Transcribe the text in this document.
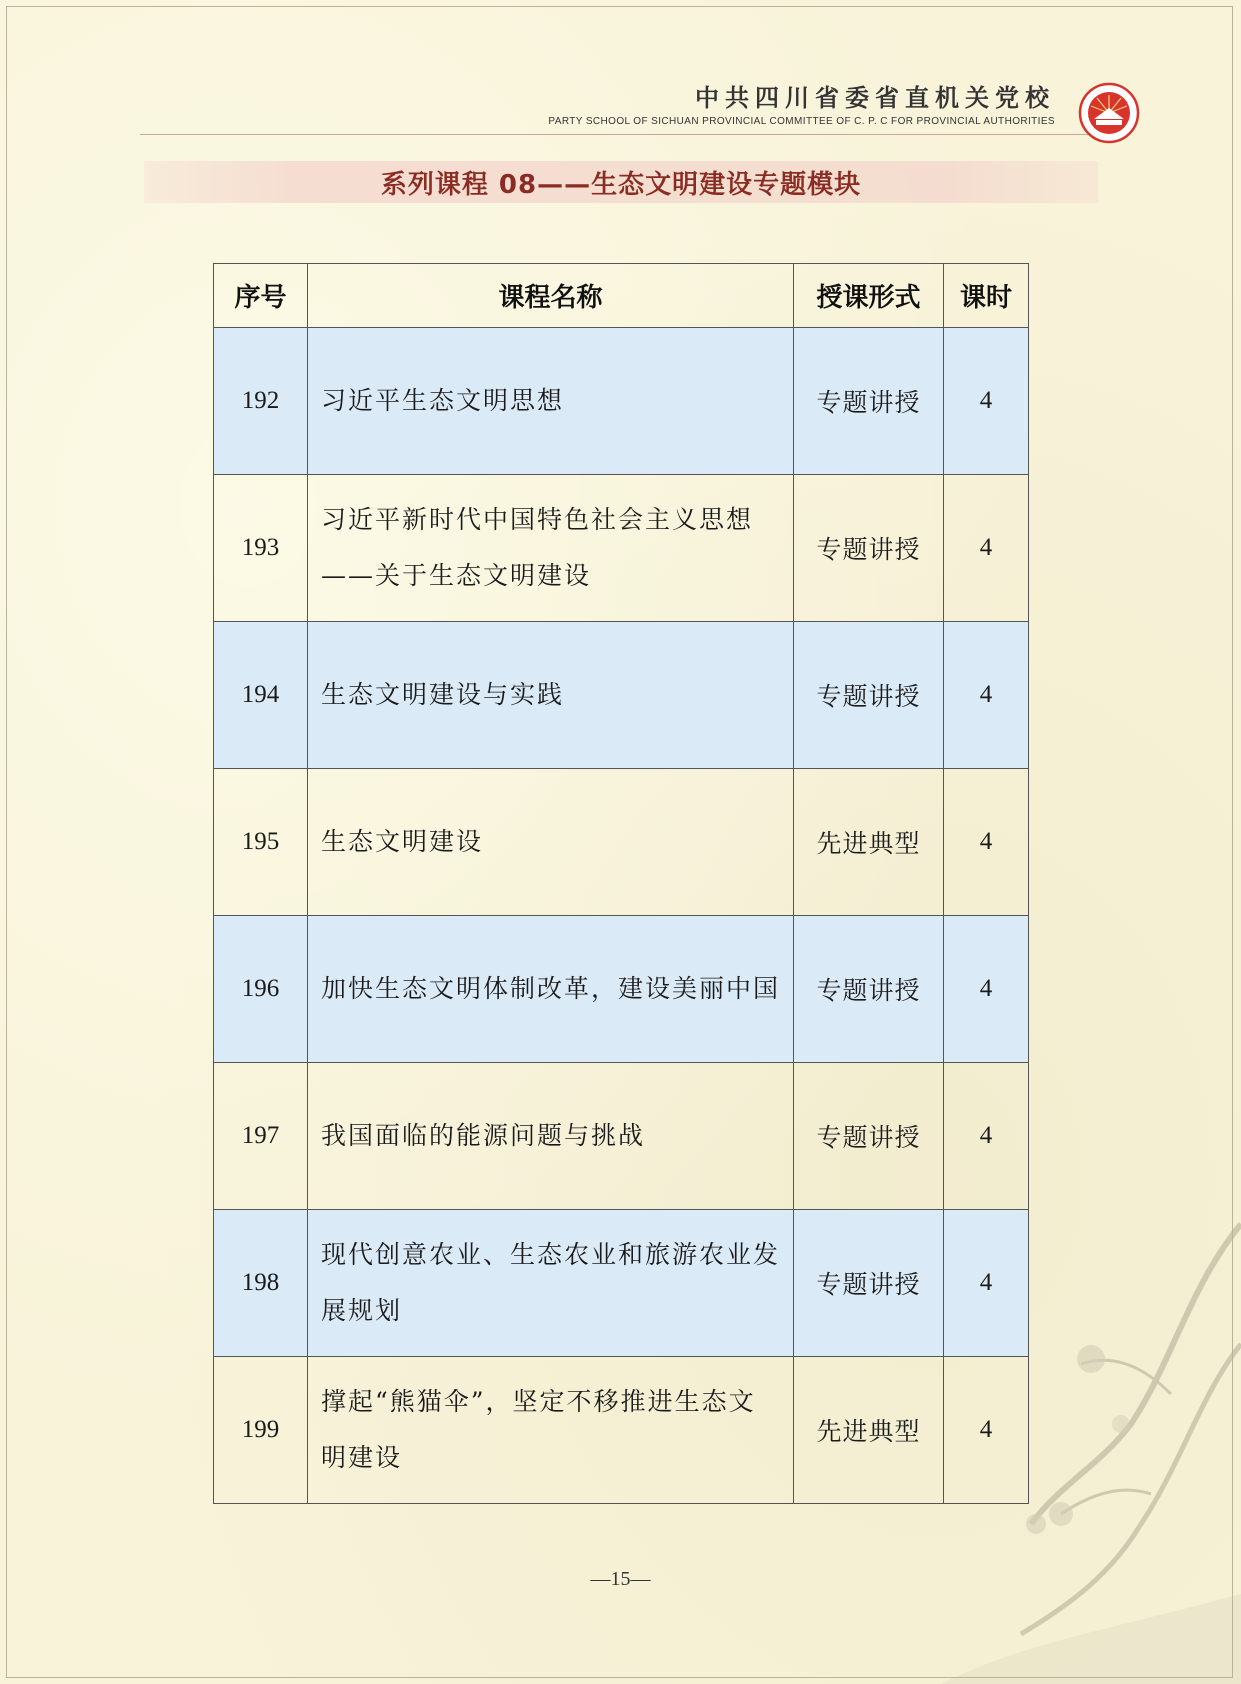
中共四川省委省直机关党校
PARTY SCHOOL OF SICHUAN PROVINCIAL COMMITTEE OF C. P. C FOR PROVINCIAL AUTHORITIES
系列课程 08——生态文明建设专题模块
序号	课程名称	授课形式	课时
192	习近平生态文明思想	专题讲授	4
193	习近平新时代中国特色社会主义思想——关于生态文明建设	专题讲授	4
194	生态文明建设与实践	专题讲授	4
195	生态文明建设	先进典型	4
196	加快生态文明体制改革，建设美丽中国	专题讲授	4
197	我国面临的能源问题与挑战	专题讲授	4
198	现代创意农业、生态农业和旅游农业发展规划	专题讲授	4
199	撑起“熊猫伞”，坚定不移推进生态文明建设	先进典型	4
—15—
